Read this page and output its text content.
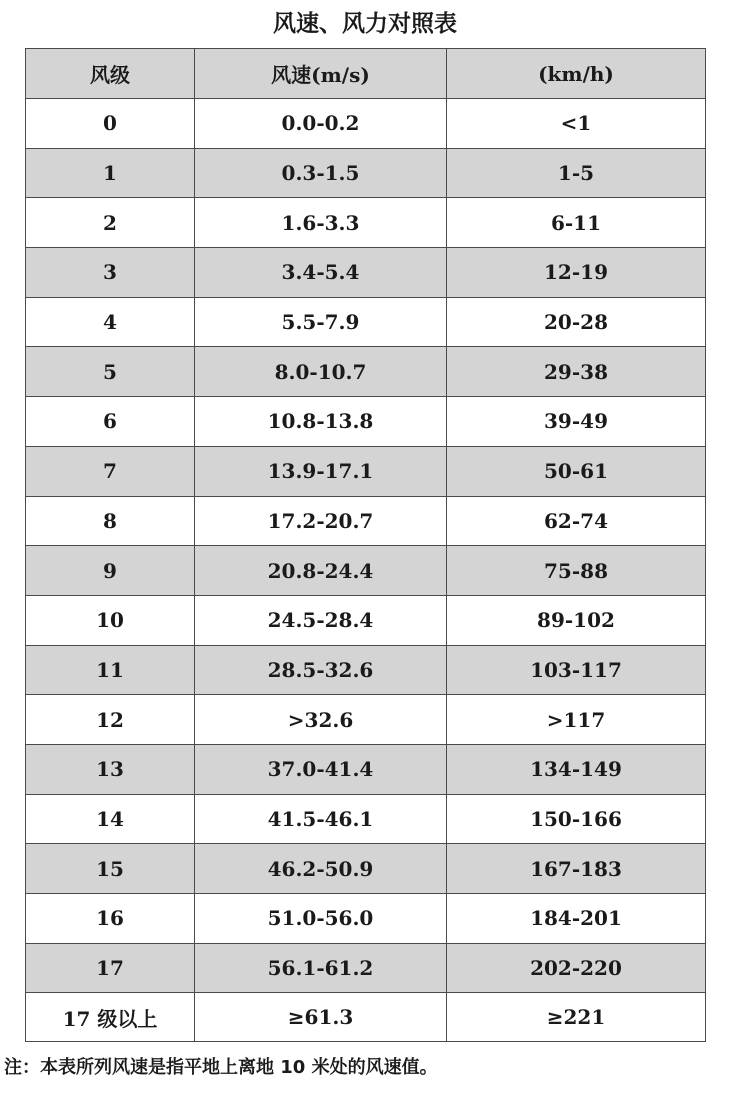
风速、风力对照表
风级	风速(m/s)	(km/h)
0	0.0-0.2	<1
1	0.3-1.5	1-5
2	1.6-3.3	6-11
3	3.4-5.4	12-19
4	5.5-7.9	20-28
5	8.0-10.7	29-38
6	10.8-13.8	39-49
7	13.9-17.1	50-61
8	17.2-20.7	62-74
9	20.8-24.4	75-88
10	24.5-28.4	89-102
11	28.5-32.6	103-117
12	>32.6	>117
13	37.0-41.4	134-149
14	41.5-46.1	150-166
15	46.2-50.9	167-183
16	51.0-56.0	184-201
17	56.1-61.2	202-220
17 级以上	≥61.3	≥221
注：本表所列风速是指平地上离地 10 米处的风速值。
